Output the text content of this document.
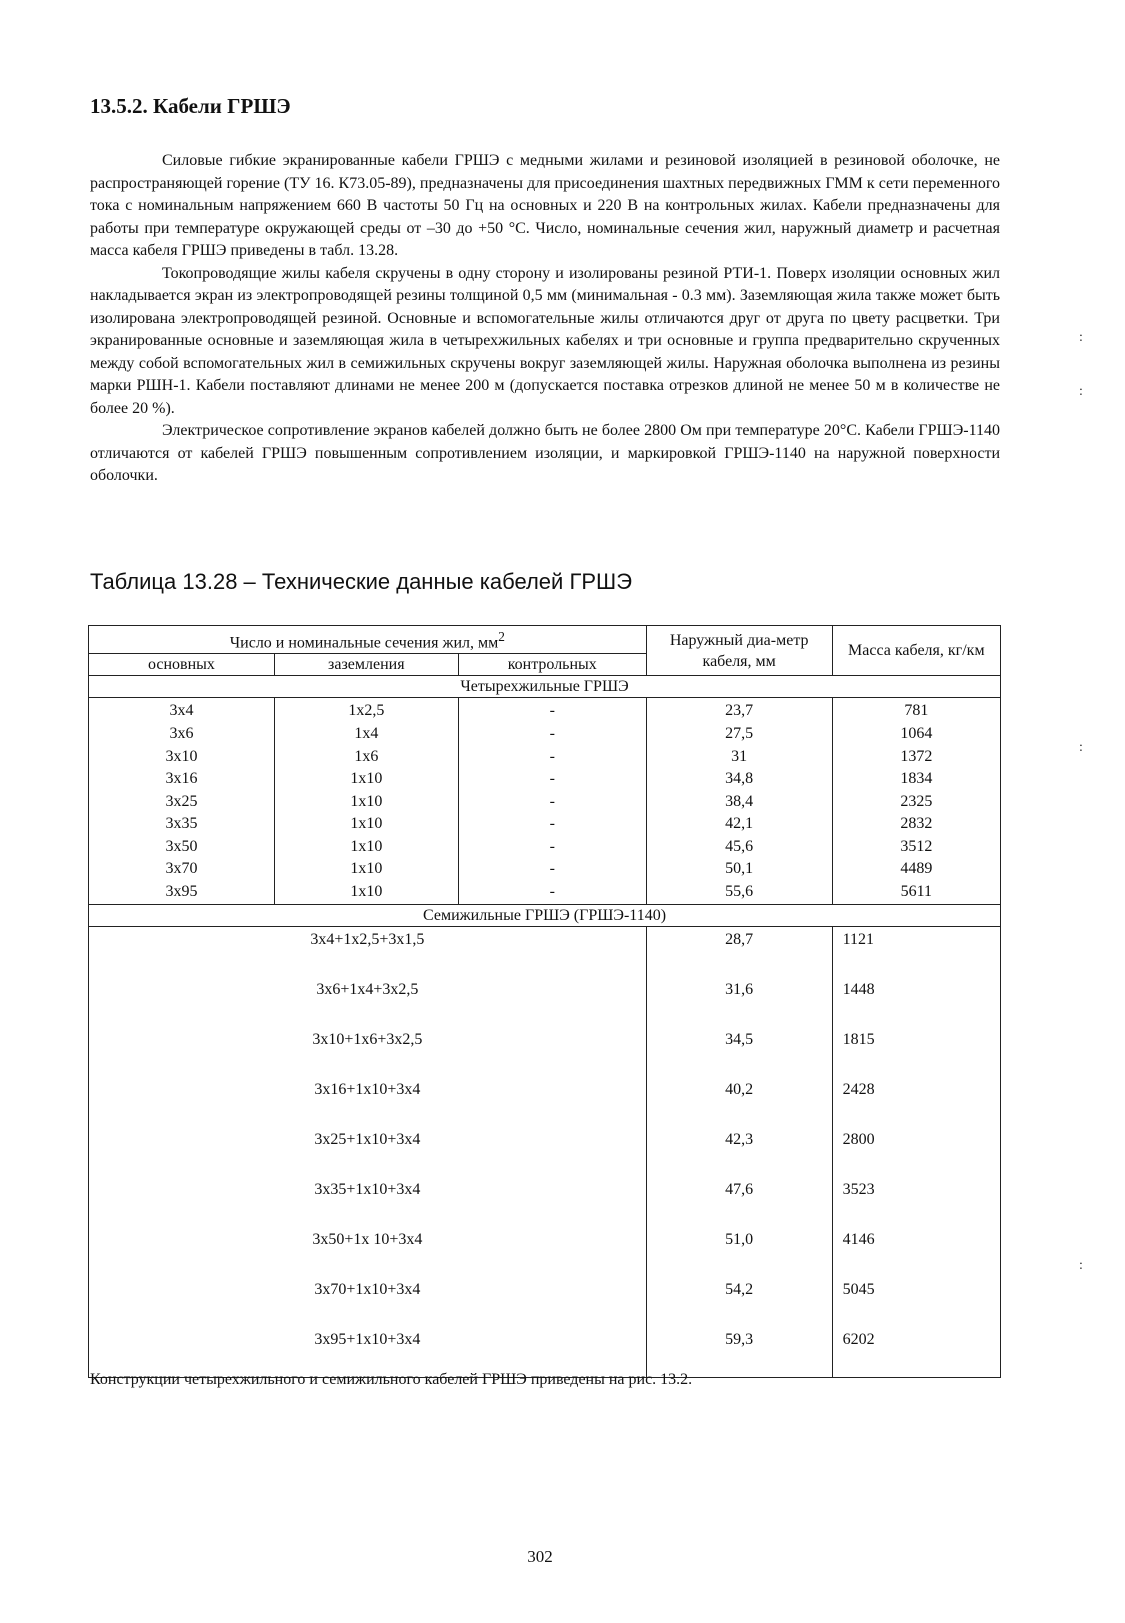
13.5.2. Кабели ГРШЭ

Силовые гибкие экранированные кабели ГРШЭ с медными жилами и резиновой изоляцией в резиновой оболочке, не распространяющей горение (ТУ 16. К73.05-89), предназначены для присоединения шахтных передвижных ГММ к сети переменного тока с номинальным напряжением 660 В частоты 50 Гц на основных и 220 В на контрольных жилах. Кабели предназначены для работы при температуре окружающей среды от –30 до +50 °С. Число, номинальные сечения жил, наружный диаметр и расчетная масса кабеля ГРШЭ приведены в табл. 13.28.

Токопроводящие жилы кабеля скручены в одну сторону и изолированы резиной РТИ-1. Поверх изоляции основных жил накладывается экран из электропроводящей резины толщиной 0,5 мм (минимальная - 0.3 мм). Заземляющая жила также может быть изолирована электропроводящей резиной. Основные и вспомогательные жилы отличаются друг от друга по цвету расцветки. Три экранированные основные и заземляющая жила в четырехжильных кабелях и три основные и группа предварительно скрученных между собой вспомогательных жил в семижильных скручены вокруг заземляющей жилы. Наружная оболочка выполнена из резины марки РШН-1. Кабели поставляют длинами не менее 200 м (допускается поставка отрезков длиной не менее 50 м в количестве не более 20 %).

Электрическое сопротивление экранов кабелей должно быть не более 2800 Ом при температуре 20°С. Кабели ГРШЭ-1140 отличаются от кабелей ГРШЭ повышенным сопротивлением изоляции, и маркировкой ГРШЭ-1140 на наружной поверхности оболочки.

Таблица 13.28 – Технические данные кабелей ГРШЭ
Число и номинальные сечения жил, $мм^2$			Наружный диа-метр кабеля, мм	Масса кабеля, кг/км
основных	заземления	контрольных		
Четырехжильные ГРШЭ				
3x4	1x2,5	-	23,7	781
3x6	1x4	-	27,5	1064
3x10	1x6	-	31	1372
3x16	1x10	-	34,8	1834
3x25	1x10	-	38,4	2325
3x35	1x10	-	42,1	2832
3x50	1x10	-	45,6	3512
3x70	1x10	-	50,1	4489
3x95	1x10	-	55,6	5611
Семижильные ГРШЭ (ГРШЭ-1140)				
3x4+1x2,5+3x1,5			28,7	1121
3x6+1x4+3x2,5			31,6	1448
3x10+1x6+3x2,5			34,5	1815
3x16+1x10+3x4			40,2	2428
3x25+1x10+3x4			42,3	2800
3x35+1x10+3x4			47,6	3523
3x50+1x 10+3x4			51,0	4146
3x70+1x10+3x4			54,2	5045
3x95+1x10+3x4			59,3	6202

Конструкции четырехжильного и семижильного кабелей ГРШЭ приведены на рис. 13.2.

302
:
:
:
:
